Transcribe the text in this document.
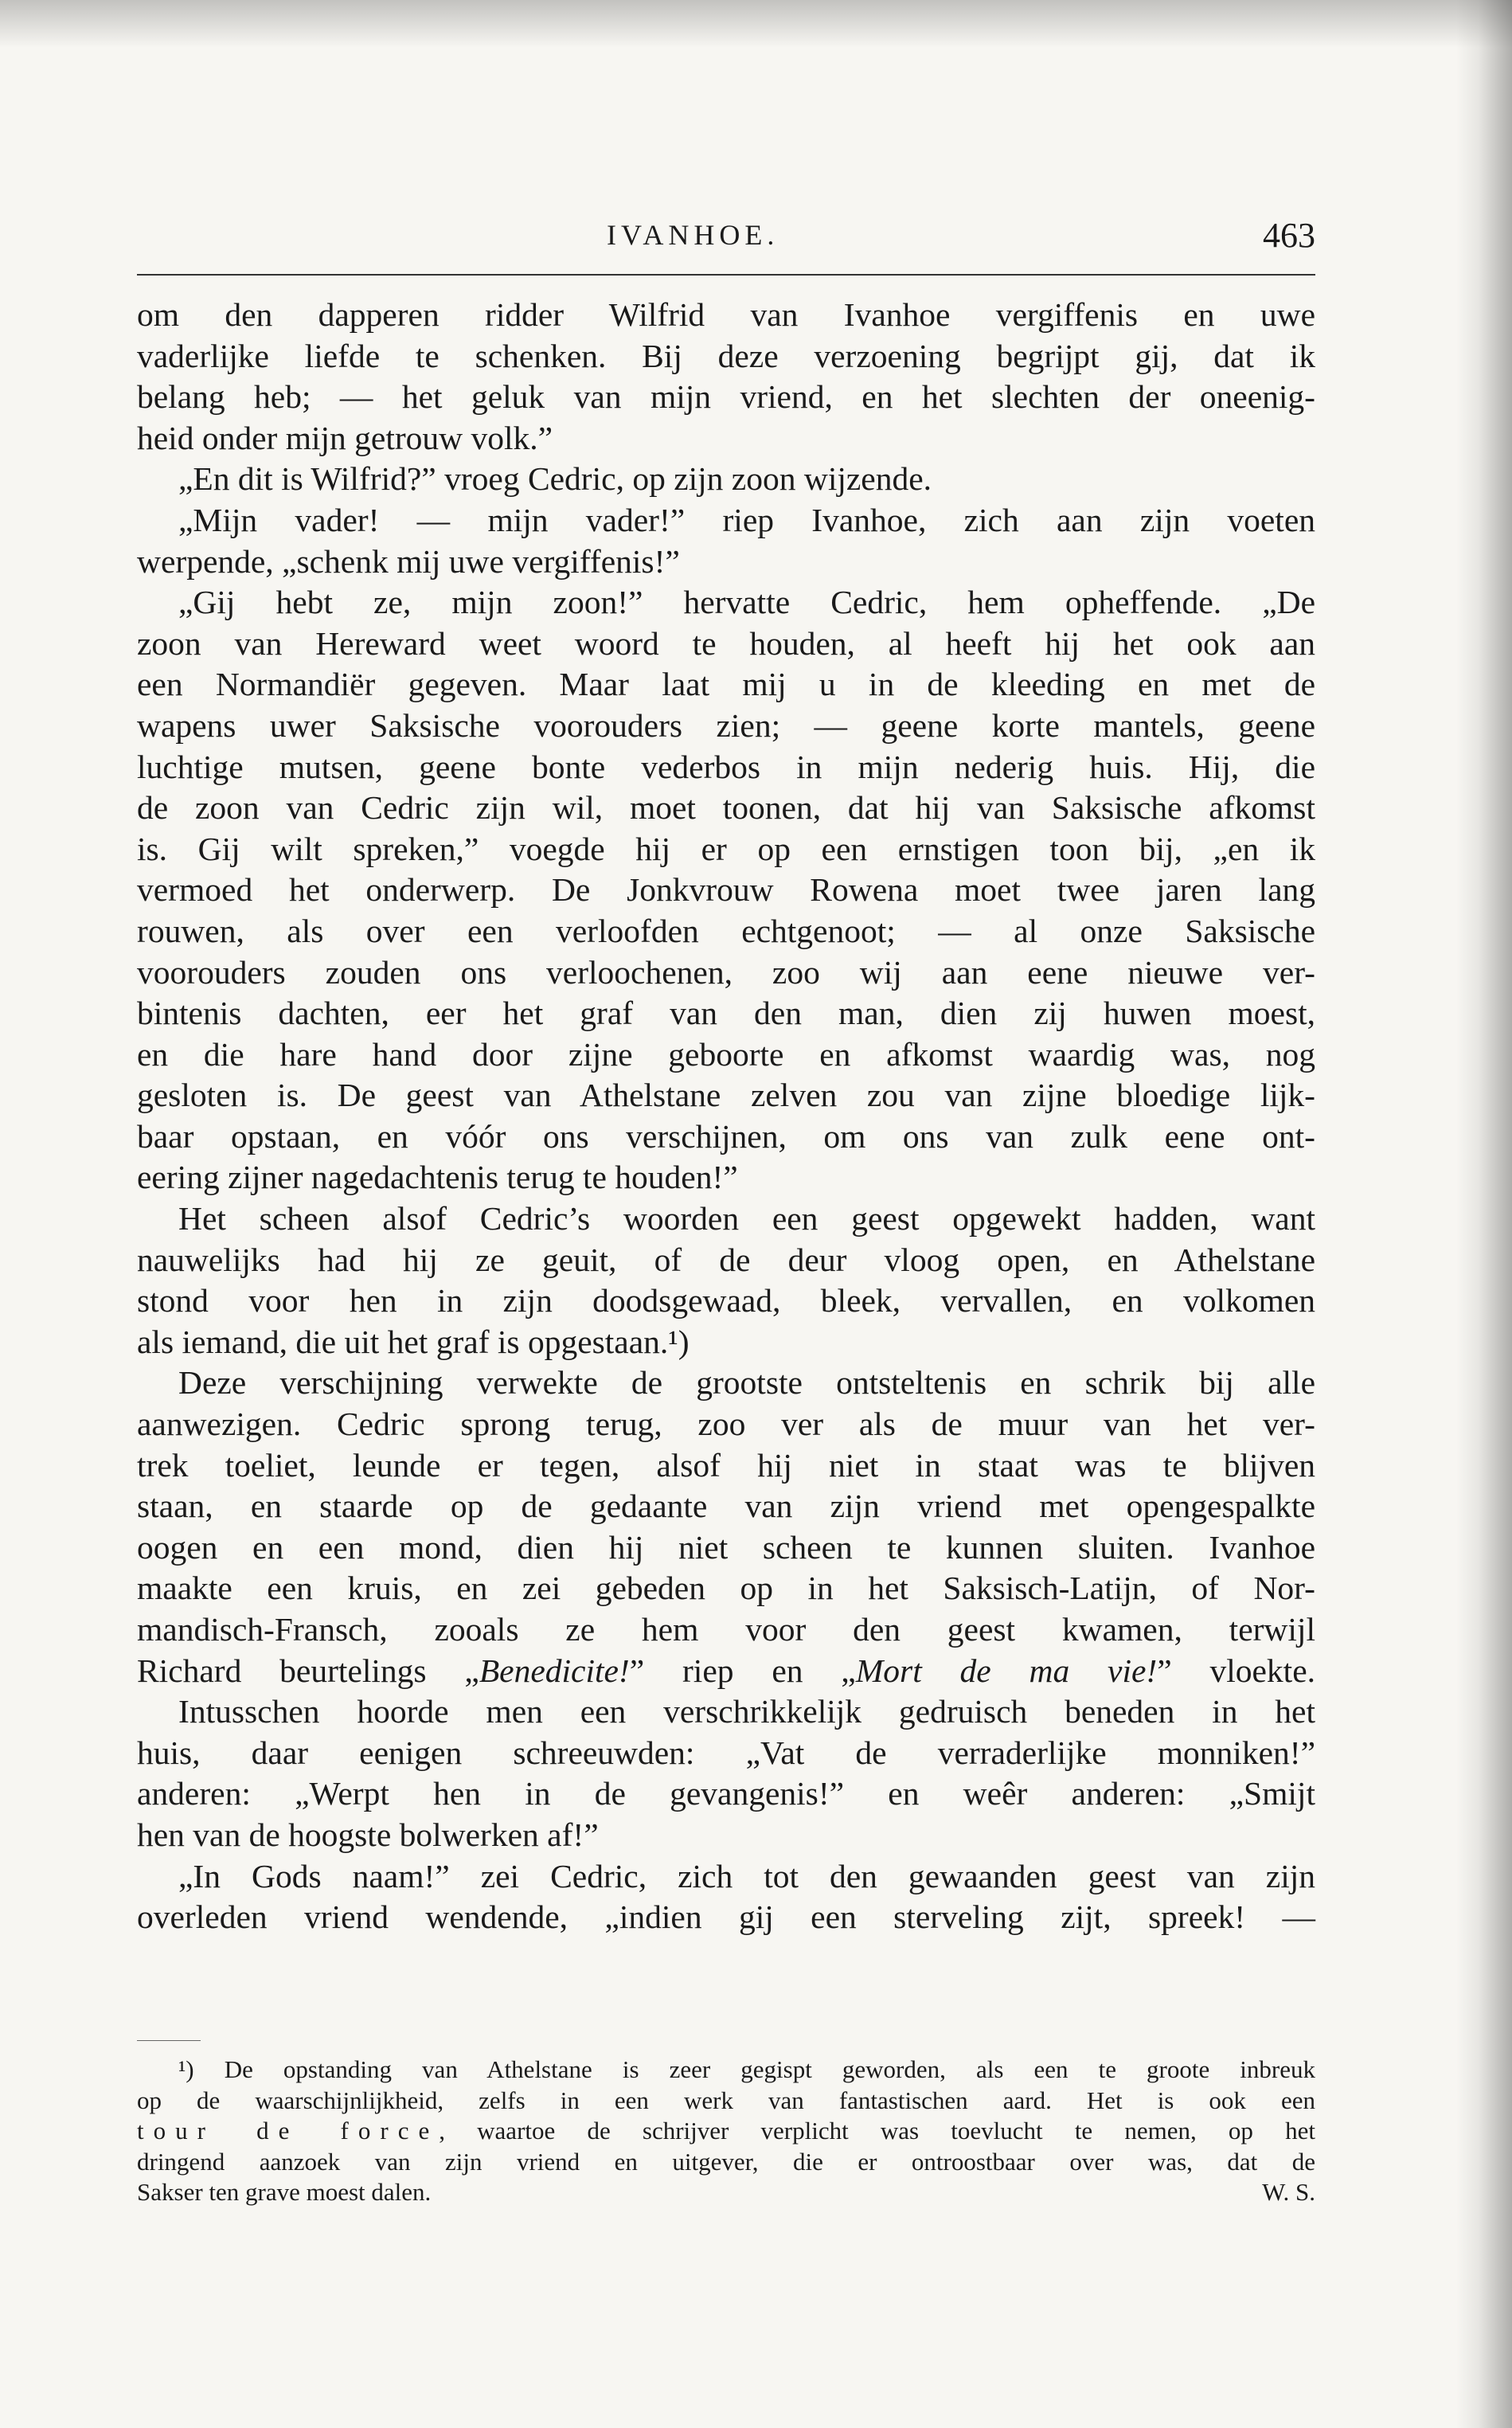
IVANHOE.	463
om den dapperen ridder Wilfrid van Ivanhoe vergiffenis en uwe
vaderlijke liefde te schenken. Bij deze verzoening begrijpt gij, dat ik
belang heb; — het geluk van mijn vriend, en het slechten der oneenig-
heid onder mijn getrouw volk.”
„En dit is Wilfrid?” vroeg Cedric, op zijn zoon wijzende.
„Mijn vader! — mijn vader!” riep Ivanhoe, zich aan zijn voeten
werpende, „schenk mij uwe vergiffenis!”
„Gij hebt ze, mijn zoon!” hervatte Cedric, hem opheffende. „De
zoon van Hereward weet woord te houden, al heeft hij het ook aan
een Normandiër gegeven. Maar laat mij u in de kleeding en met de
wapens uwer Saksische voorouders zien; — geene korte mantels, geene
luchtige mutsen, geene bonte vederbos in mijn nederig huis. Hij, die
de zoon van Cedric zijn wil, moet toonen, dat hij van Saksische afkomst
is. Gij wilt spreken,” voegde hij er op een ernstigen toon bij, „en ik
vermoed het onderwerp. De Jonkvrouw Rowena moet twee jaren lang
rouwen, als over een verloofden echtgenoot; — al onze Saksische
voorouders zouden ons verloochenen, zoo wij aan eene nieuwe ver-
bintenis dachten, eer het graf van den man, dien zij huwen moest,
en die hare hand door zijne geboorte en afkomst waardig was, nog
gesloten is. De geest van Athelstane zelven zou van zijne bloedige lijk-
baar opstaan, en vóór ons verschijnen, om ons van zulk eene ont-
eering zijner nagedachtenis terug te houden!”
Het scheen alsof Cedric’s woorden een geest opgewekt hadden, want
nauwelijks had hij ze geuit, of de deur vloog open, en Athelstane
stond voor hen in zijn doodsgewaad, bleek, vervallen, en volkomen
als iemand, die uit het graf is opgestaan.¹)
Deze verschijning verwekte de grootste ontsteltenis en schrik bij alle
aanwezigen. Cedric sprong terug, zoo ver als de muur van het ver-
trek toeliet, leunde er tegen, alsof hij niet in staat was te blijven
staan, en staarde op de gedaante van zijn vriend met opengespalkte
oogen en een mond, dien hij niet scheen te kunnen sluiten. Ivanhoe
maakte een kruis, en zei gebeden op in het Saksisch-Latijn, of Nor-
mandisch-Fransch, zooals ze hem voor den geest kwamen, terwijl
Richard beurtelings „Benedicite!” riep en „Mort de ma vie!” vloekte.
Intusschen hoorde men een verschrikkelijk gedruisch beneden in het
huis, daar eenigen schreeuwden: „Vat de verraderlijke monniken!”
anderen: „Werpt hen in de gevangenis!” en weêr anderen: „Smijt
hen van de hoogste bolwerken af!”
„In Gods naam!” zei Cedric, zich tot den gewaanden geest van zijn
overleden vriend wendende, „indien gij een sterveling zijt, spreek! —
¹) De opstanding van Athelstane is zeer gegispt geworden, als een te groote inbreuk
op de waarschijnlijkheid, zelfs in een werk van fantastischen aard. Het is ook een
tour de force, waartoe de schrijver verplicht was toevlucht te nemen, op het
dringend aanzoek van zijn vriend en uitgever, die er ontroostbaar over was, dat de
Sakser ten grave moest dalen.	W. S.
